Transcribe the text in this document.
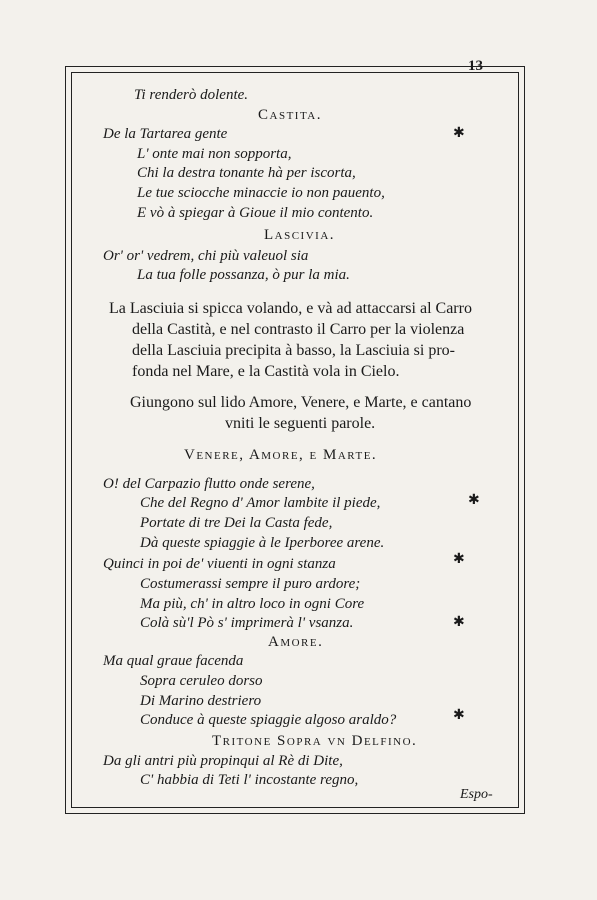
13
Ti renderò dolente.
Castita.
De la Tartarea gente
L' onte mai non sopporta,
Chi la destra tonante hà per iscorta,
Le tue sciocche minaccie io non pauento,
E vò à spiegar à Gioue il mio contento.
Lascivia.
Or' or' vedrem, chi più valeuol sia
La tua folle possanza, ò pur la mia.
La Lasciuia si spicca volando, e và ad attaccarsi al Carro
della Castità, e nel contrasto il Carro per la violenza
della Lasciuia precipita à basso, la Lasciuia si pro-
fonda nel Mare, e la Castità vola in Cielo.
Giungono sul lido Amore, Venere, e Marte, e cantano
vniti le seguenti parole.
Venere, Amore, e Marte.
O! del Carpazio flutto onde serene,
Che del Regno d' Amor lambite il piede,
Portate di tre Dei la Casta fede,
Dà queste spiaggie à le Iperboree arene.
Quinci in poi de' viuenti in ogni stanza
Costumerassi sempre il puro ardore;
Ma più, ch' in altro loco in ogni Core
Colà sù'l Pò s' imprimerà l' vsanza.
Amore.
Ma qual graue facenda
Sopra ceruleo dorso
Di Marino destriero
Conduce à queste spiaggie algoso araldo?
Tritone Sopra vn Delfino.
Da gli antri più propinqui al Rè di Dite,
C' habbia di Teti l' incostante regno,
✱
✱
✱
✱
✱
Espo-
